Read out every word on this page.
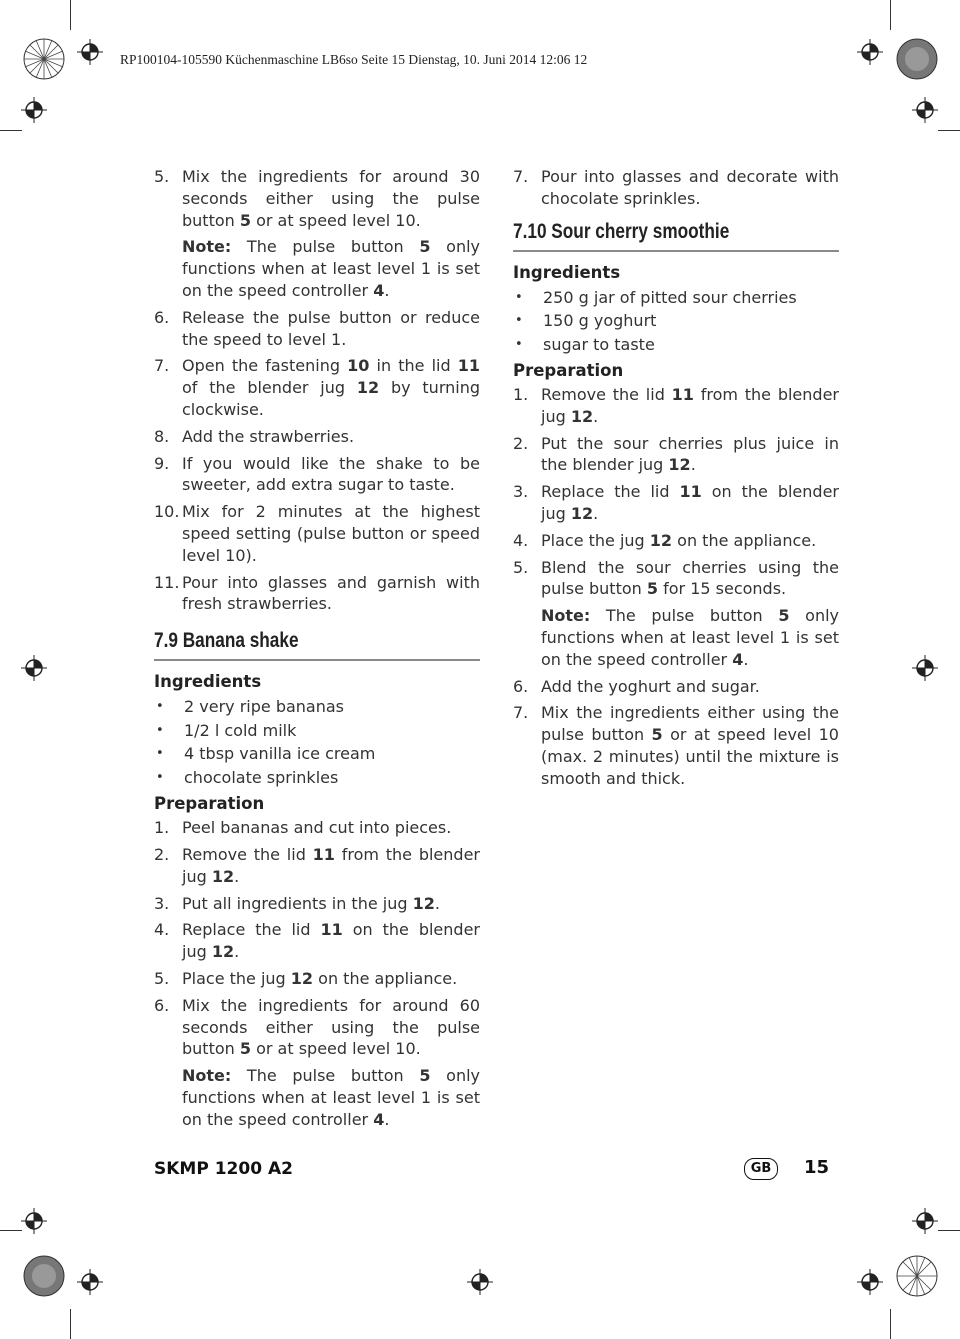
RP100104-105590 Küchenmaschine LB6so Seite 15 Dienstag, 10. Juni 2014 12:06 12
5. Mix the ingredients for around 30 seconds either using the pulse button 5 or at speed level 10.
Note: The pulse button 5 only functions when at least level 1 is set on the speed controller 4.
6. Release the pulse button or reduce the speed to level 1.
7. Open the fastening 10 in the lid 11 of the blender jug 12 by turning clockwise.
8. Add the strawberries.
9. If you would like the shake to be sweeter, add extra sugar to taste.
10. Mix for 2 minutes at the highest speed setting (pulse button or speed level 10).
11. Pour into glasses and garnish with fresh strawberries.
7.9 Banana shake
Ingredients
•	2 very ripe bananas
•	1/2 l cold milk
•	4 tbsp vanilla ice cream
•	chocolate sprinkles
Preparation
1. Peel bananas and cut into pieces.
2. Remove the lid 11 from the blender jug 12.
3. Put all ingredients in the jug 12.
4. Replace the lid 11 on the blender jug 12.
5. Place the jug 12 on the appliance.
6. Mix the ingredients for around 60 seconds either using the pulse button 5 or at speed level 10.
Note: The pulse button 5 only functions when at least level 1 is set on the speed controller 4.
7. Pour into glasses and decorate with chocolate sprinkles.
7.10 Sour cherry smoothie
Ingredients
•	250 g jar of pitted sour cherries
•	150 g yoghurt
•	sugar to taste
Preparation
1. Remove the lid 11 from the blender jug 12.
2. Put the sour cherries plus juice in the blender jug 12.
3. Replace the lid 11 on the blender jug 12.
4. Place the jug 12 on the appliance.
5. Blend the sour cherries using the pulse button 5 for 15 seconds.
Note: The pulse button 5 only functions when at least level 1 is set on the speed controller 4.
6. Add the yoghurt and sugar.
7. Mix the ingredients either using the pulse button 5 or at speed level 10 (max. 2 minutes) until the mixture is smooth and thick.
SKMP 1200 A2	GB	15
